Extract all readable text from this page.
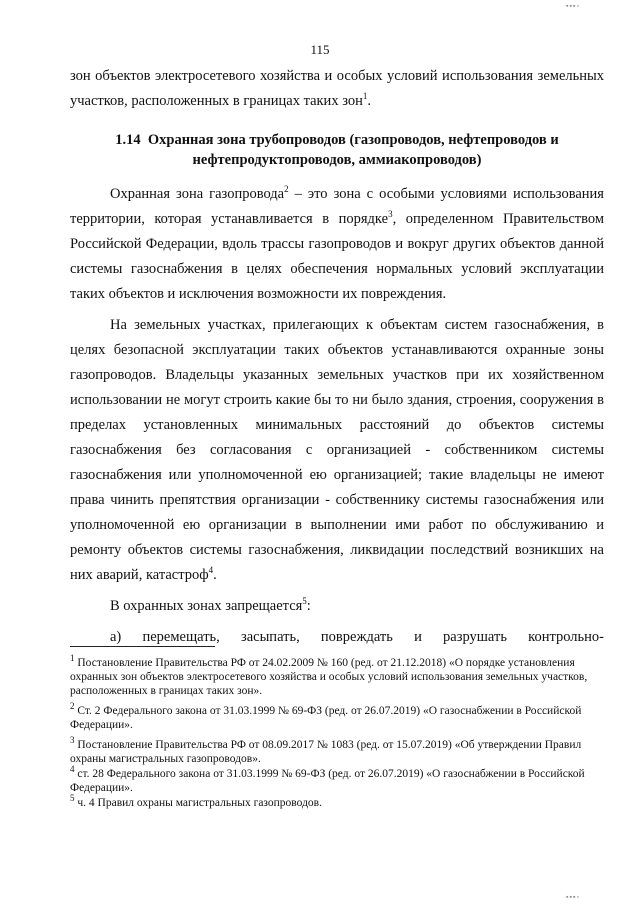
115

зон объектов электросетевого хозяйства и особых условий использования земельных участков, расположенных в границах таких зон$^1$.

1.14 Охранная зона трубопроводов (газопроводов, нефтепроводов и
нефтепродуктопроводов, аммиакопроводов)

Охранная зона газопровода$^2$ – это зона с особыми условиями использования территории, которая устанавливается в порядке$^3$, определенном Правительством Российской Федерации, вдоль трассы газопроводов и вокруг других объектов данной системы газоснабжения в целях обеспечения нормальных условий эксплуатации таких объектов и исключения возможности их повреждения.

На земельных участках, прилегающих к объектам систем газоснабжения, в целях безопасной эксплуатации таких объектов устанавливаются охранные зоны газопроводов. Владельцы указанных земельных участков при их хозяйственном использовании не могут строить какие бы то ни было здания, строения, сооружения в пределах установленных минимальных расстояний до объектов системы газоснабжения без согласования с организацией - собственником системы газоснабжения или уполномоченной ею организацией; такие владельцы не имеют права чинить препятствия организации - собственнику системы газоснабжения или уполномоченной ею организации в выполнении ими работ по обслуживанию и ремонту объектов системы газоснабжения, ликвидации последствий возникших на них аварий, катастроф$^4$.

В охранных зонах запрещается$^5$:

а) перемещать, засыпать, повреждать и разрушать контрольно-

$^1$ Постановление Правительства РФ от 24.02.2009 № 160 (ред. от 21.12.2018) «О порядке установления охранных зон объектов электросетевого хозяйства и особых условий использования земельных участков, расположенных в границах таких зон».

$^2$ Ст. 2 Федерального закона от 31.03.1999 № 69-ФЗ (ред. от 26.07.2019) «О газоснабжении в Российской Федерации».

$^3$ Постановление Правительства РФ от 08.09.2017 № 1083 (ред. от 15.07.2019) «Об утверждении Правил охраны магистральных газопроводов».

$^4$ ст. 28 Федерального закона от 31.03.1999 № 69-ФЗ (ред. от 26.07.2019) «О газоснабжении в Российской Федерации».

$^5$ ч. 4 Правил охраны магистральных газопроводов.

▪▪▪▫
▪▪▪▫
